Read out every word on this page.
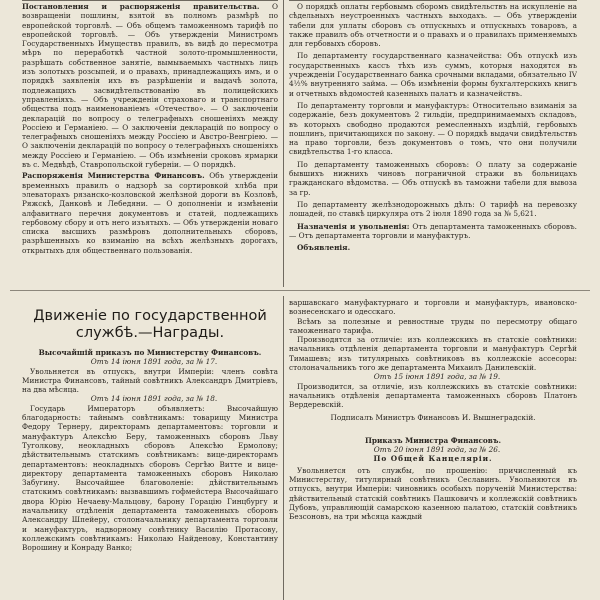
Постановления и распоряженія правительства. О возвращеніи пошлины, взятой въ полномъ размѣрѣ по европейской торговлѣ. — Объ общемъ таможенномъ тарифѣ по европейской торговлѣ. — Объ утвержденіи Министромъ Государственныхъ Имуществъ правилъ, въ видѣ до пересмотра мѣръ по переработкѣ частной золото-промышленности, разрѣшать собственное занятіе, вымываемыхъ частныхъ лицъ изъ золотыхъ розсыпей, и о правахъ, принадлежащихъ имъ, и о порядкѣ заявленія ихъ въ разрѣшеніи и выдачѣ золота, подлежащихъ засвидѣтельствованію въ полицейскихъ управленіяхъ. — Объ учрежденіи страховаго и транспортнаго общества подъ наименованіемъ «Отечество». — О заключеніи декларацій по вопросу о телеграфныхъ сношеніяхъ между Россіею и Германіею. — О заключеніи декларацій по вопросу о телеграфныхъ сношеніяхъ между Россіею и Австро-Венгріею. — О заключеніи декларацій по вопросу о телеграфныхъ сношеніяхъ между Россіею и Германіею. — Объ измѣненіи сроковъ ярмарки въ с. Медвѣдѣ, Ставропольской губерніи. — О порядкѣ.

Распоряженія Министерства Финансовъ. Объ утвержденіи временныхъ правилъ о надзорѣ за сортировкой хлѣба при элеваторахъ рязанско-козловской желѣзной дороги въ Козловѣ, Ряжскѣ, Данковѣ и Лебедяни. — О дополненіи и измѣненіи алфавитнаго перечня документовъ и статей, подлежащихъ гербовому сбору и отъ него изъятыхъ. — Объ утвержденіи новаго списка высшихъ размѣровъ дополнительныхъ сборовъ, разрѣшенныхъ ко взиманію на всѣхъ желѣзныхъ дорогахъ, открытыхъ для общественнаго пользованія.

О порядкѣ оплаты гербовымъ сборомъ свидѣтельствъ на искупленіе на сѣдельныхъ неустроенныхъ частныхъ выходахъ. — Объ утвержденіи табели для уплаты сборовъ съ отпускныхъ и отпускныхъ товаровъ, а также правилъ объ отчетности и о правахъ и о правилахъ применяемыхъ для гербовыхъ сборовъ.

По департаменту государственнаго казначейства: Объ отпускѣ изъ государственныхъ кассъ тѣхъ изъ суммъ, которыя находятся въ учрежденіи Государственнаго банка срочными вкладами, обязательно IV 4½% внутренняго займа. — Объ измѣненіи формы бухгалтерскихъ книгъ и отчетныхъ вѣдомостей казенныхъ палатъ и казначействъ.

По департаменту торговли и мануфактуръ: Относительно взиманія за содержаніе, безъ документовъ 2 гильдіи, предпринимаемыхъ складовъ, въ которыхъ свободно продаются ремесленныхъ издѣлій, гербовыхъ пошлинъ, причитающихся по закону. — О порядкѣ выдачи свидѣтельствъ на право торговли, безъ документовъ о томъ, что они получили свидѣтельства 1-го класса.

По департаменту таможенныхъ сборовъ: О плату за содержаніе бывшихъ нижнихъ чиновъ пограничной стражи въ больницахъ гражданскаго вѣдомства. — Объ отпускѣ въ таможни табели для вывоза за гр.

По департаменту желѣзнодорожныхъ дѣлъ: О тарифѣ на перевозку лошадей, по ставкѣ циркуляра отъ 2 іюля 1890 года за № 5,621.

Назначенія и увольненія: Отъ департамента таможенныхъ сборовъ. — Отъ департамента торговли и мануфактуръ.

Объявленія.

Движеніе по государственной
службѣ.—Награды.

Высочайшій приказъ по Министерству Финансовъ.

Отъ 14 іюня 1891 года, за № 17.

Увольняется въ отпускъ, внутри Имперіи: членъ совѣта Министра Финансовъ, тайный совѣтникъ Александръ Дмитріевъ, на два мѣсяца.

Отъ 14 іюня 1891 года, за № 18.

Государь Императоръ объявляетъ: Высочайшую благодарность: тайнымъ совѣтникамъ: товарищу Министра Федору Тернеру, директорамъ департаментовъ: торговли и мануфактуръ Алексѣю Беру, таможенныхъ сборовъ Льву Туголкову, неокладныхъ сборовъ Алексѣю Ермолову; дѣйствительнымъ статскимъ совѣтникамъ: вице-директорамъ департаментовъ: неокладныхъ сборовъ Сергѣю Витте и вице-директору департамента таможенныхъ сборовъ Николаю Забугину. Высочайшее благоволеніе: дѣйствительнымъ статскимъ совѣтникамъ: вызвавшимъ гофмейстера Высочайшаго двора Юрію Нечаеву-Мальцову, барону Горацію Гинцбургу и начальнику отдѣленія департамента таможенныхъ сборовъ Александру Шпейеру, столоначальнику департамента торговли и мануфактуръ, надворному совѣтнику Василію Протасову, коллежскимъ совѣтникамъ: Николаю Найденову, Константину Ворошину и Конраду Ванко;

варшавскаго мануфактурнаго и торговли и мануфактуръ, ивановско-вознесенскаго и одесскаго.

Всѣмъ за полезные и ревностные труды по пересмотру общаго таможеннаго тарифа.

Производятся за отличіе: изъ коллежскихъ въ статскіе совѣтники: начальникъ отдѣленія департамента торговли и мануфактуръ Сергѣй Тимашевъ; изъ титулярныхъ совѣтниковъ въ коллежскіе ассесоры: столоначальникъ того же департамента Михаилъ Данилевскій.

Отъ 15 іюня 1891 года, за № 19.

Производится, за отличіе, изъ коллежскихъ въ статскіе совѣтники: начальникъ отдѣленія департамента таможенныхъ сборовъ Платонъ Вердеревскій.

Подписалъ Министръ Финансовъ И. Вышнеградскій.

Приказъ Министра Финансовъ.

Отъ 20 іюня 1891 года, за № 26.

По Общей Канцеляріи.

Увольняется отъ службы, по прошенію: причисленный къ Министерству, титулярный совѣтникъ Сеславинъ. Увольняются въ отпускъ, внутри Имперіи: чиновникъ особыхъ порученій Министерства: дѣйствительный статскій совѣтникъ Пашковичъ и коллежскій совѣтникъ Дубовъ, управляющій самарскою казенною палатою, статскій совѣтникъ Безсоновъ, на три мѣсяца каждый
